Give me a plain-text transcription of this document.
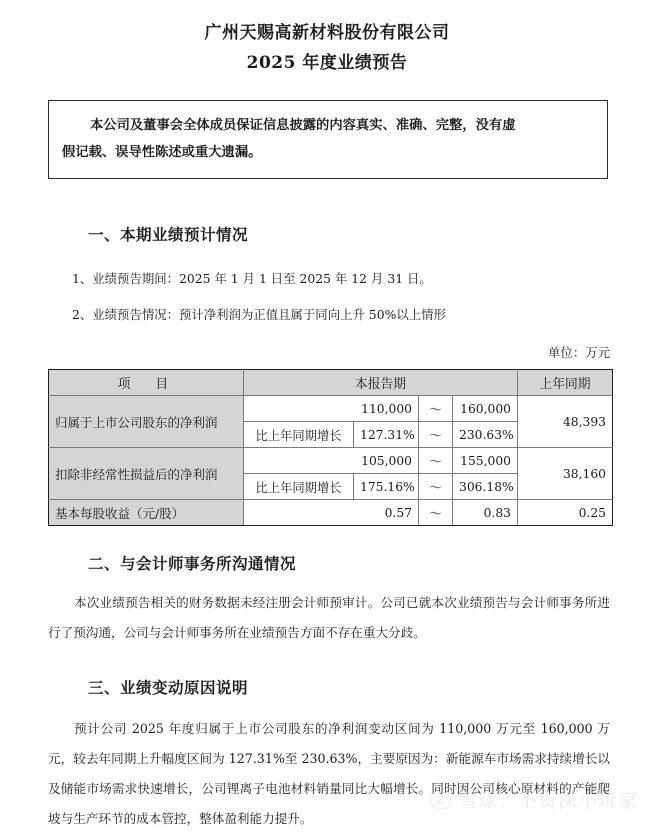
广州天赐高新材料股份有限公司
2025 年度业绩预告

本公司及董事会全体成员保证信息披露的内容真实、准确、完整，没有虚

假记载、误导性陈述或重大遗漏。

一、本期业绩预计情况
1、业绩预告期间：2025 年 1 月 1 日至 2025 年 12 月 31 日。
2、业绩预告情况：预计净利润为正值且属于同向上升 50%以上情形
单位：万元
项　目	本报告期				上年同期
归属于上市公司股东的净利润	110,000		～	160,000	48,393
	比上年同期增长	127.31%	～	230.63%	
扣除非经常性损益后的净利润	105,000		～	155,000	38,160
	比上年同期增长	175.16%	～	306.18%	
基本每股收益（元/股）	0.57		～	0.83	0.25
二、与会计师事务所沟通情况
本次业绩预告相关的财务数据未经注册会计师预审计。公司已就本次业绩预告与会计师事务所进行了预沟通，公司与会计师事务所在业绩预告方面不存在重大分歧。
三、业绩变动原因说明
预计公司 2025 年度归属于上市公司股东的净利润变动区间为 110,000 万元至 160,000 万元，较去年同期上升幅度区间为 127.31%至 230.63%，主要原因为：新能源车市场需求持续增长以及储能市场需求快速增长，公司锂离子电池材料销量同比大幅增长。同时因公司核心原材料的产能爬坡与生产环节的成本管控，整体盈利能力提升。
雪球：不资深小玩家
